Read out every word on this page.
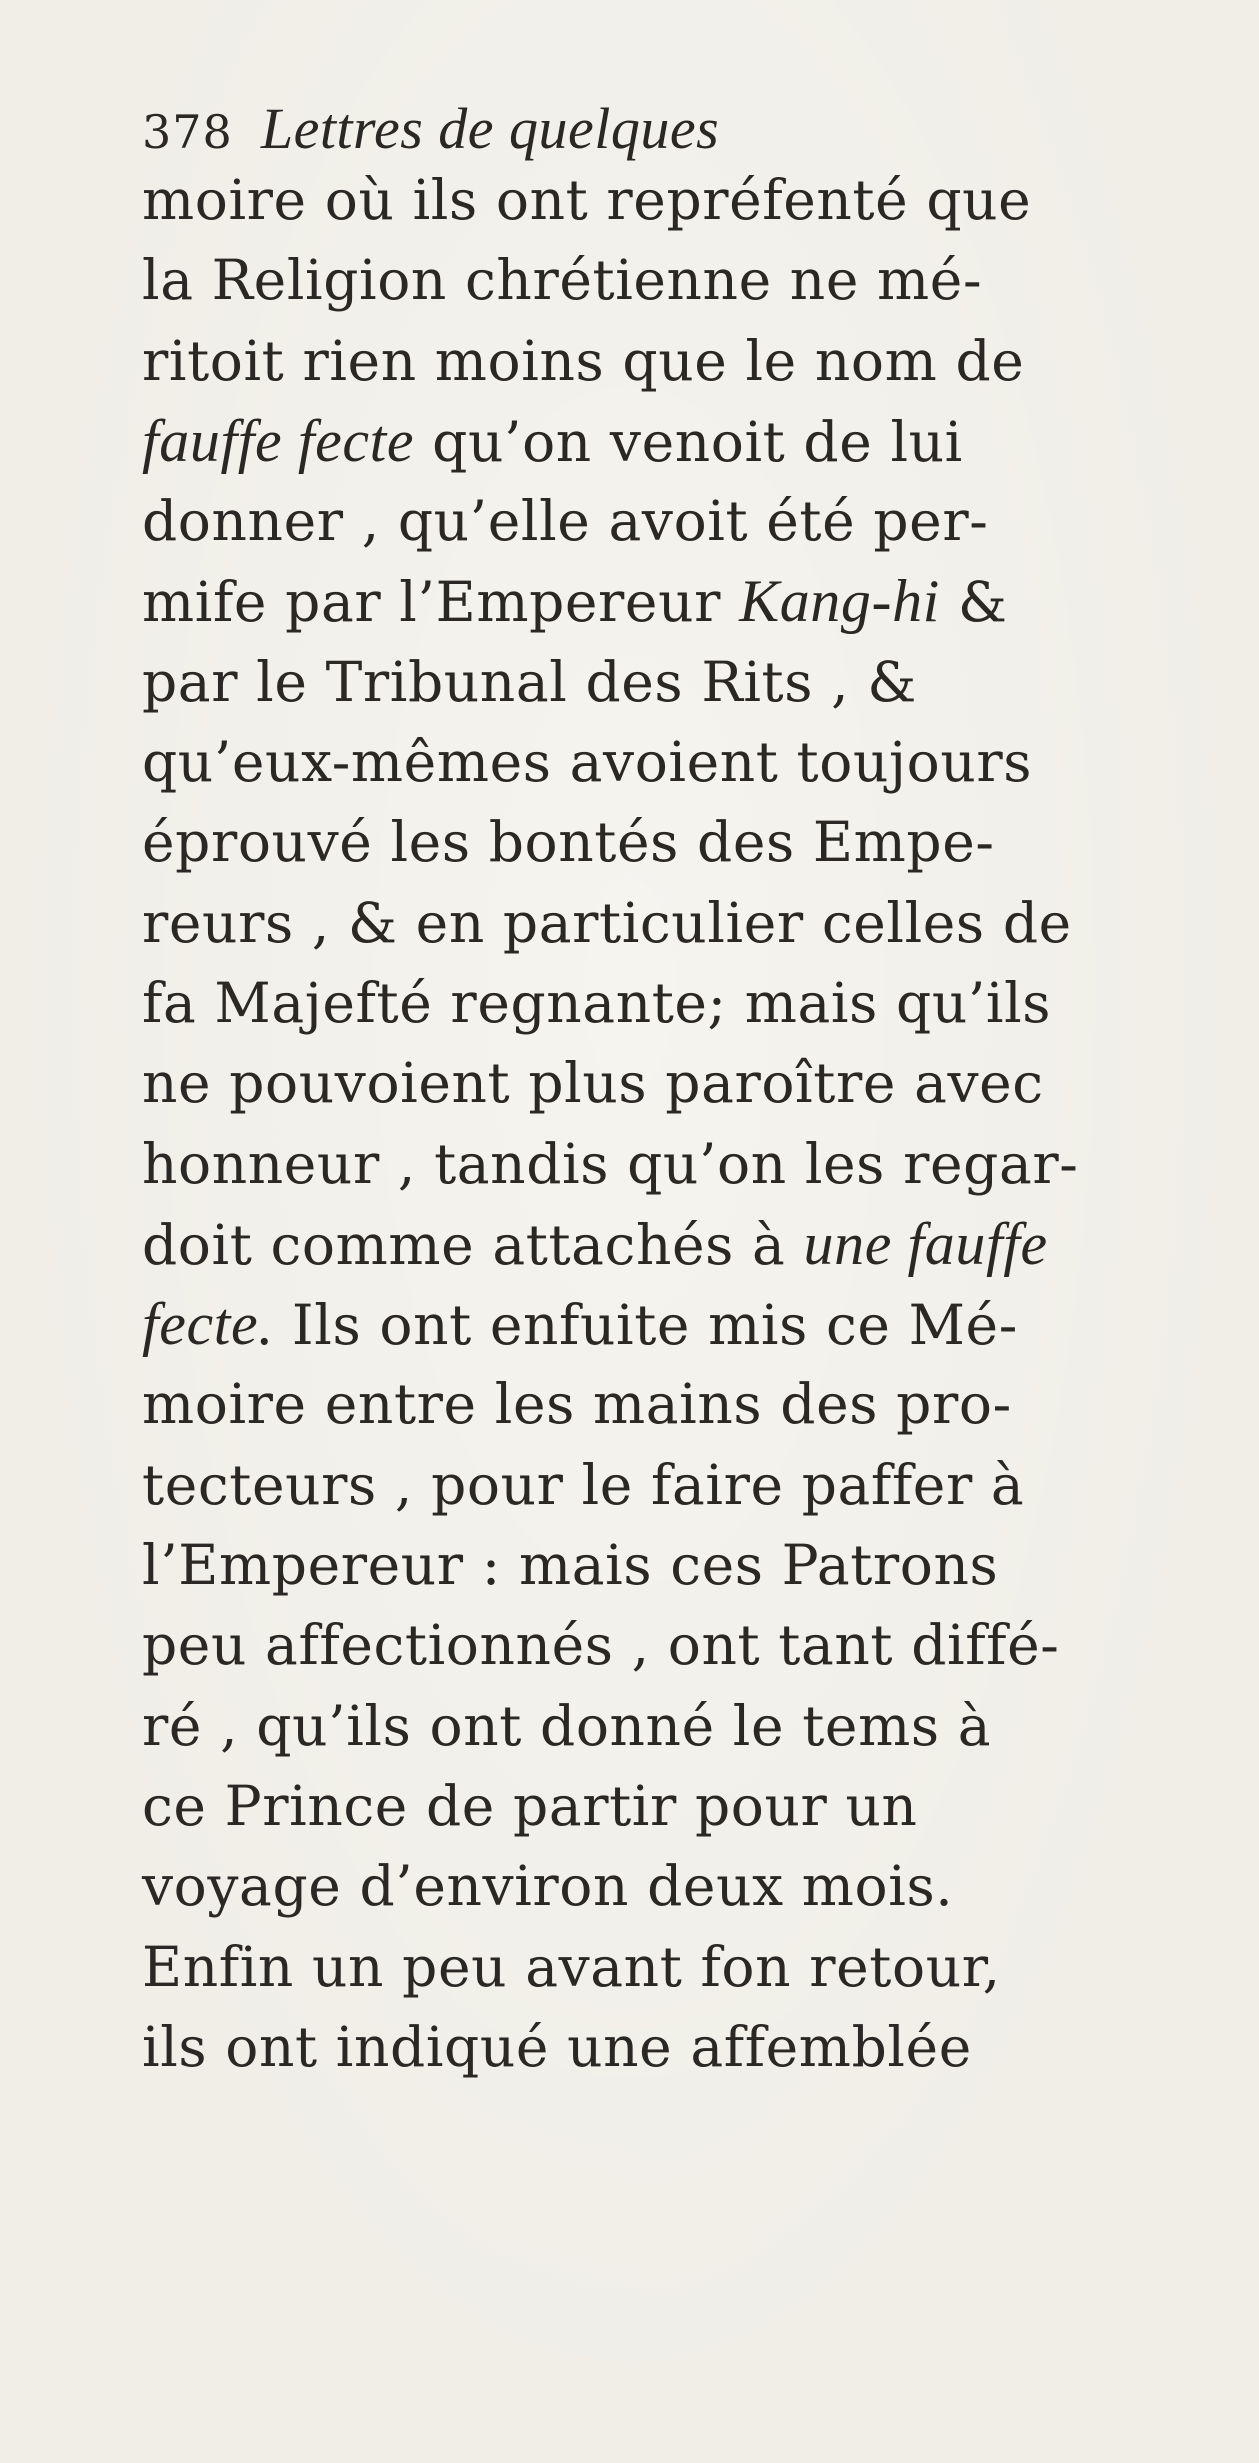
378 Lettres de quelques
moire où ils ont repréfenté que
la Religion chrétienne ne mé-
ritoit rien moins que le nom de
fauffe fecte qu’on venoit de lui
donner , qu’elle avoit été per-
mife par l’Empereur Kang-hi &
par le Tribunal des Rits , &
qu’eux-mêmes avoient toujours
éprouvé les bontés des Empe-
reurs , & en particulier celles de
fa Majefté regnante; mais qu’ils
ne pouvoient plus paroître avec
honneur , tandis qu’on les regar-
doit comme attachés à une fauffe
fecte. Ils ont enfuite mis ce Mé-
moire entre les mains des pro-
tecteurs , pour le faire paffer à
l’Empereur : mais ces Patrons
peu affectionnés , ont tant diffé-
ré , qu’ils ont donné le tems à
ce Prince de partir pour un
voyage d’environ deux mois.
Enfin un peu avant fon retour,
ils ont indiqué une affemblée
